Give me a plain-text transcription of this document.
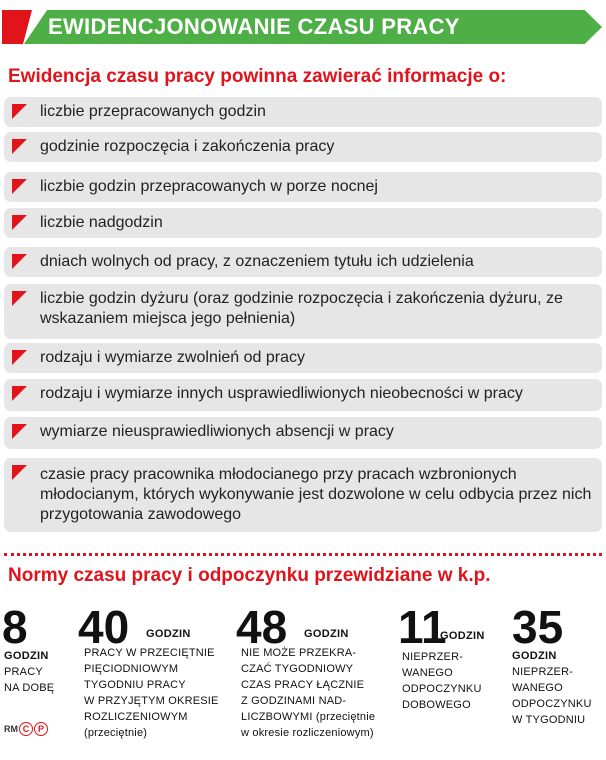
EWIDENCJONOWANIE CZASU PRACY
Ewidencja czasu pracy powinna zawierać informacje o:
liczbie przepracowanych godzin
godzinie rozpoczęcia i zakończenia pracy
liczbie godzin przepracowanych w porze nocnej
liczbie nadgodzin
dniach wolnych od pracy, z oznaczeniem tytułu ich udzielenia
liczbie godzin dyżuru (oraz godzinie rozpoczęcia i zakończenia dyżuru, ze wskazaniem miejsca jego pełnienia)
rodzaju i wymiarze zwolnień od pracy
rodzaju i wymiarze innych usprawiedliwionych nieobecności w pracy
wymiarze nieusprawiedliwionych absencji w pracy
czasie pracy pracownika młodocianego przy pracach wzbronionych młodocianym, których wykonywanie jest dozwolone w celu odbycia przez nich przygotowania zawodowego
Normy czasu pracy i odpoczynku przewidziane w k.p.
8
GODZIN
PRACY
NA DOBĘ
40 GODZIN
PRACY W PRZECIĘTNIE
PIĘCIODNIOWYM
TYGODNIU PRACY
W PRZYJĘTYM OKRESIE
ROZLICZENIOWYM
(przeciętnie)
48 GODZIN
NIE MOŻE PRZEKRA-
CZAĆ TYGODNIOWY
CZAS PRACY ŁĄCZNIE
Z GODZINAMI NAD-
LICZBOWYMI (przeciętnie
w okresie rozliczeniowym)
11
GODZIN
NIEPRZER-
WANEGO
ODPOCZYNKU
DOBOWEGO
35
GODZIN
NIEPRZER-
WANEGO
ODPOCZYNKU
W TYGODNIU
RM C P
